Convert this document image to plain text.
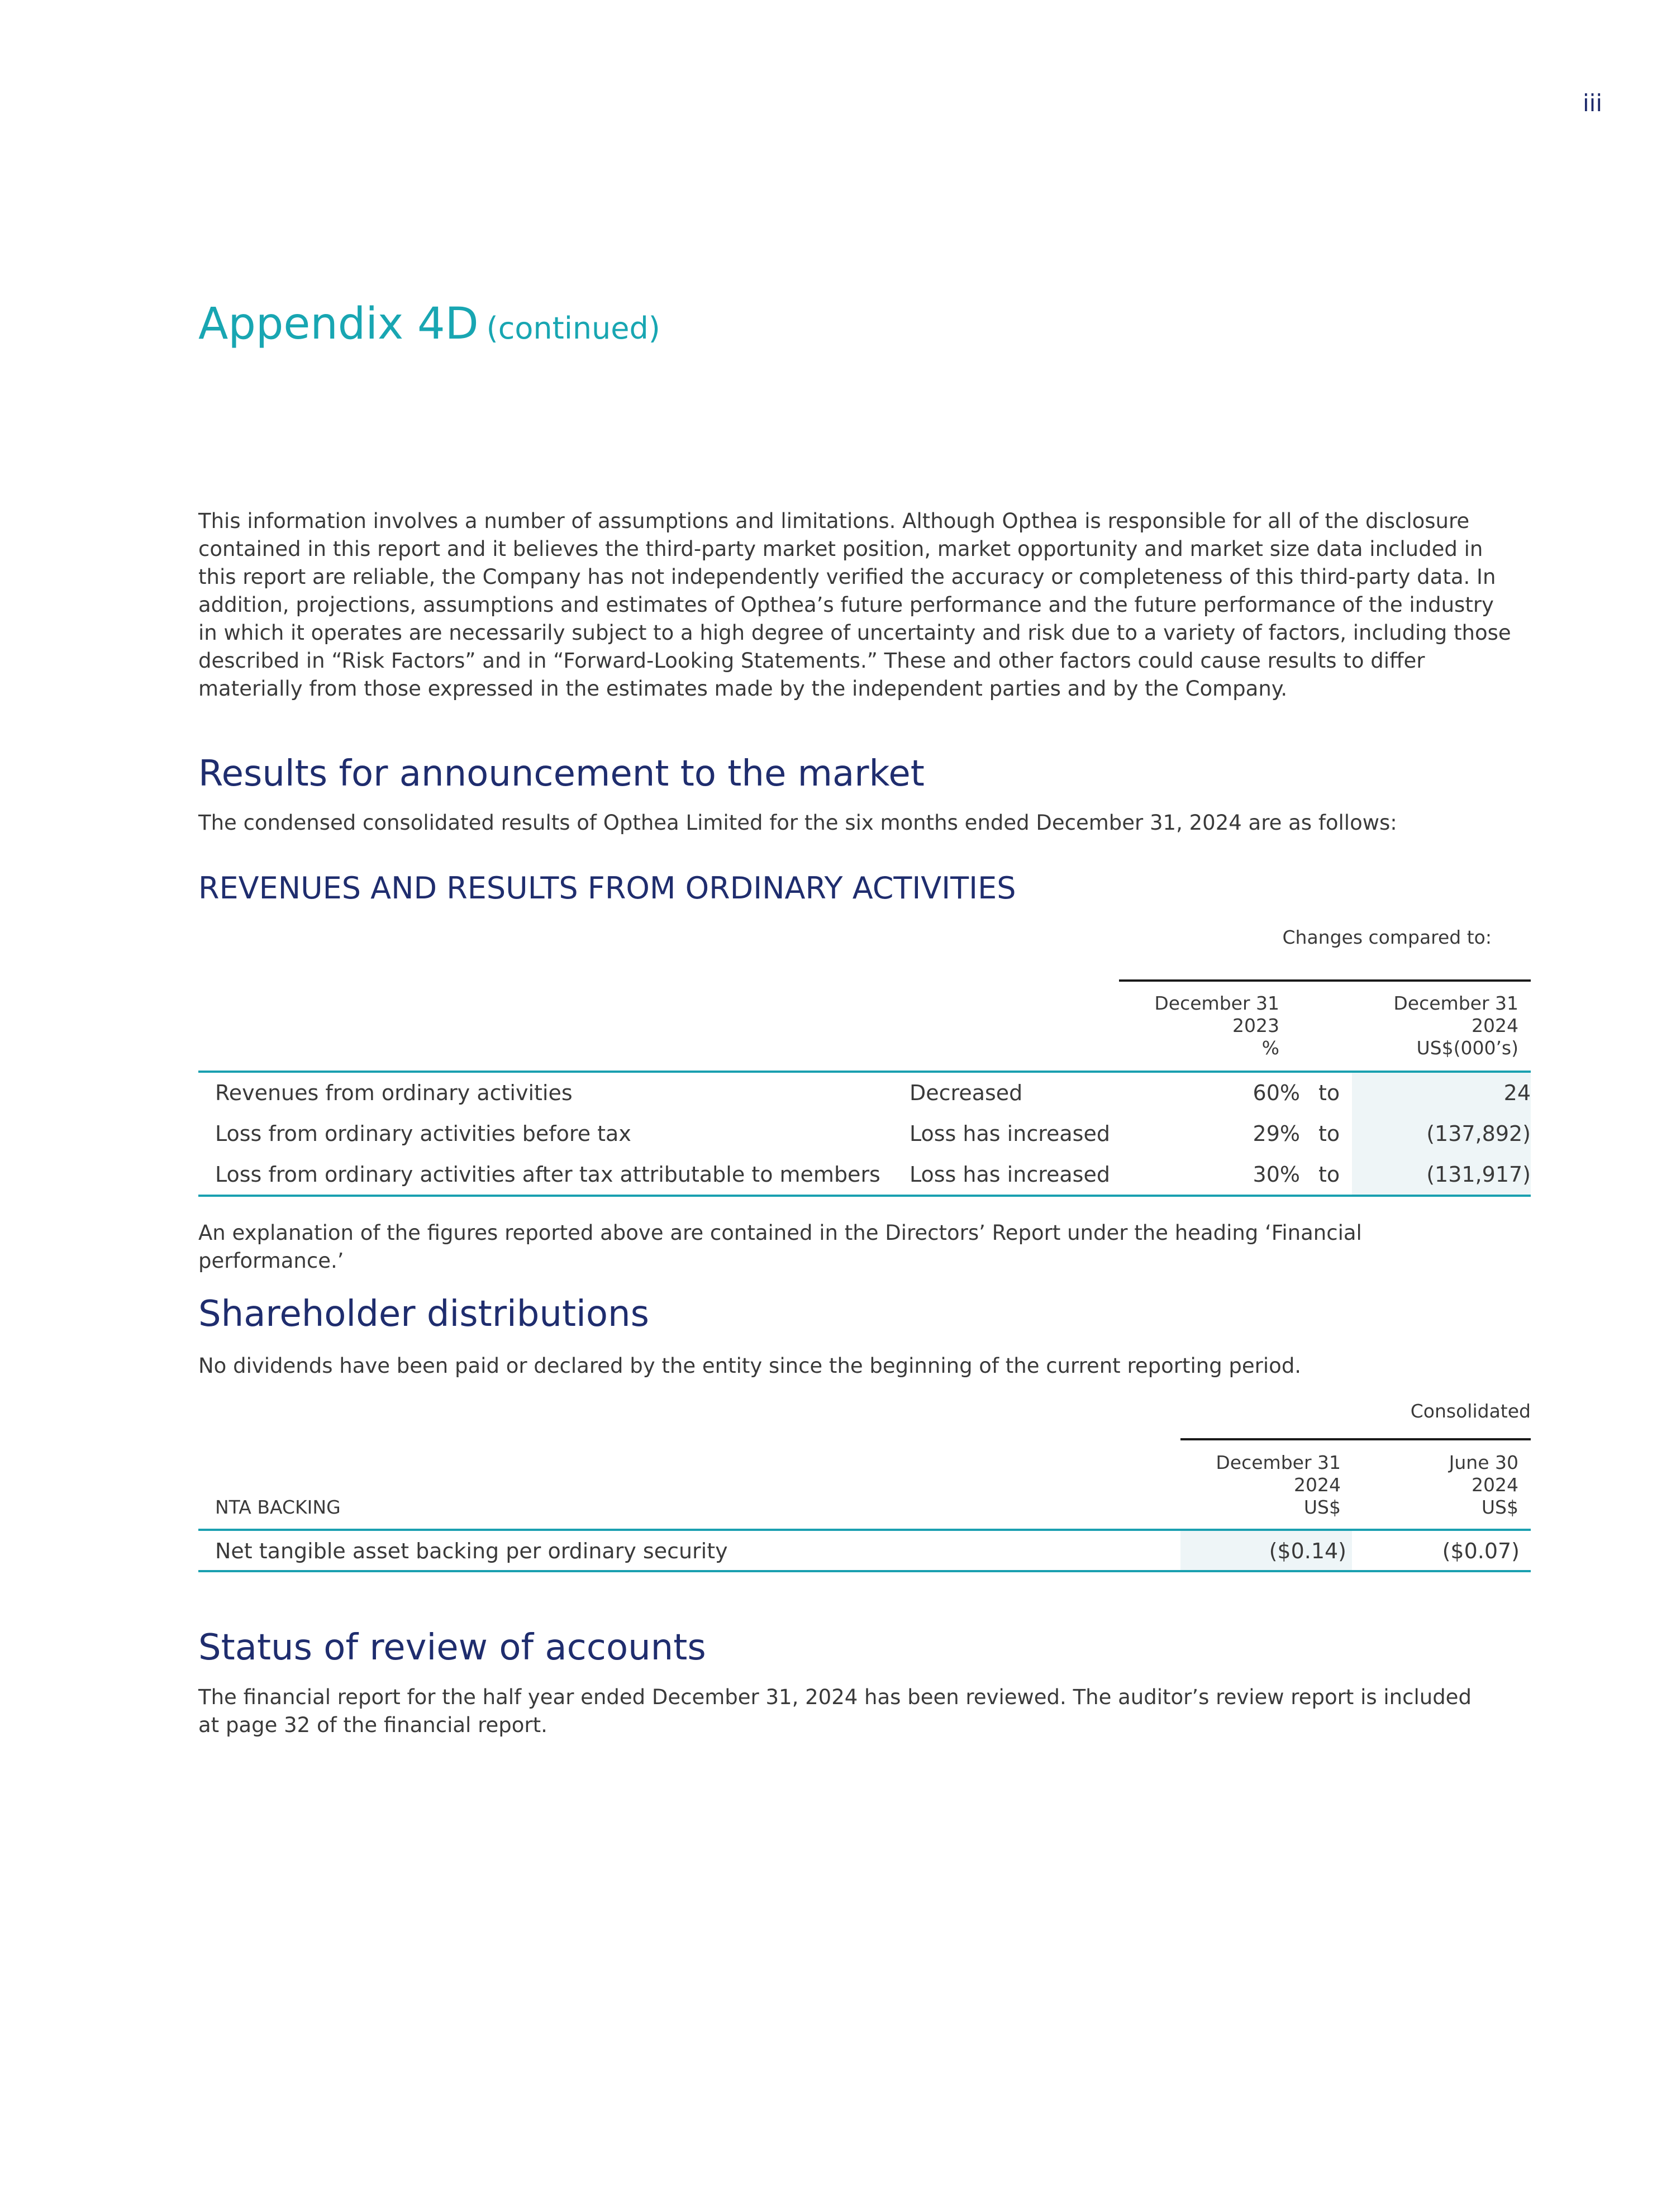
iii
Appendix 4D (continued)
This information involves a number of assumptions and limitations. Although Opthea is responsible for all of the disclosure contained in this report and it believes the third-party market position, market opportunity and market size data included in this report are reliable, the Company has not independently verified the accuracy or completeness of this third-party data. In addition, projections, assumptions and estimates of Opthea’s future performance and the future performance of the industry in which it operates are necessarily subject to a high degree of uncertainty and risk due to a variety of factors, including those described in “Risk Factors” and in “Forward-Looking Statements.” These and other factors could cause results to differ materially from those expressed in the estimates made by the independent parties and by the Company.
Results for announcement to the market
The condensed consolidated results of Opthea Limited for the six months ended December 31, 2024 are as follows:
REVENUES AND RESULTS FROM ORDINARY ACTIVITIES
Changes compared to:
December 31
2023
%
December 31
2024
US$(000’s)
Revenues from ordinary activities	Decreased	60% to	24
Loss from ordinary activities before tax	Loss has increased	29% to	(137,892)
Loss from ordinary activities after tax attributable to members Loss has increased	30% to	(131,917)
An explanation of the figures reported above are contained in the Directors’ Report under the heading ‘Financial performance.’
Shareholder distributions
No dividends have been paid or declared by the entity since the beginning of the current reporting period.
Consolidated
December 31
2024
US$
June 30
2024
US$
NTA BACKING
Net tangible asset backing per ordinary security	($0.14)	($0.07)
Status of review of accounts
The financial report for the half year ended December 31, 2024 has been reviewed. The auditor’s review report is included at page 32 of the financial report.
